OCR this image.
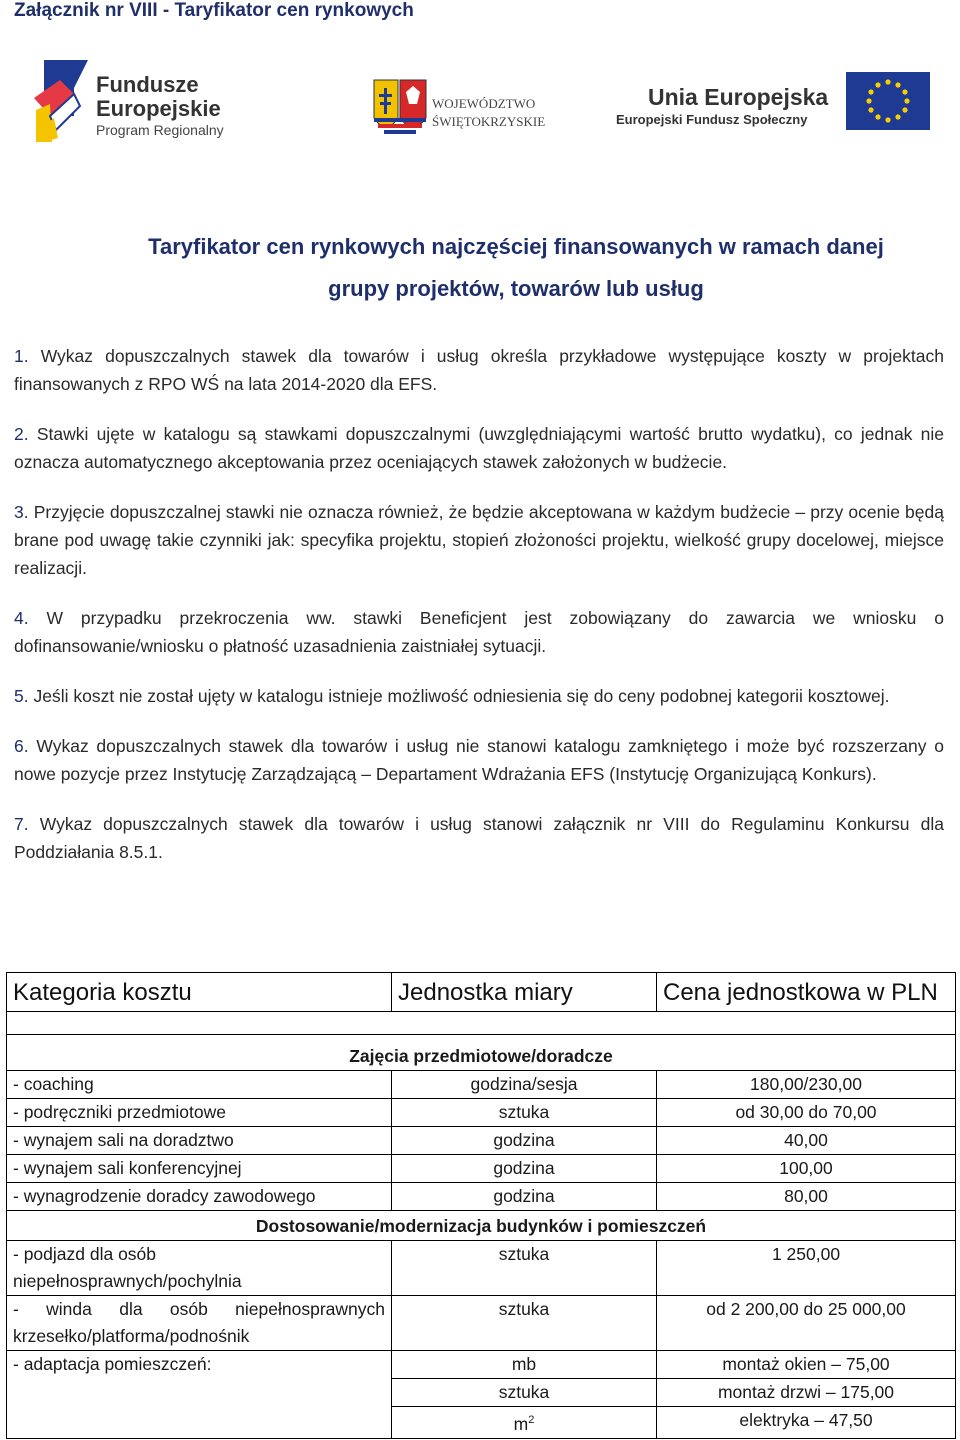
Załącznik nr VIII - Taryfikator cen rynkowych
Fundusze
Europejskie
Program Regionalny
WOJEWÓDZTWO
ŚWIĘTOKRZYSKIE
Unia Europejska
Europejski Fundusz Społeczny
Taryfikator cen rynkowych najczęściej finansowanych w ramach danej
grupy projektów, towarów lub usług

1. Wykaz dopuszczalnych stawek dla towarów i usług określa przykładowe występujące koszty w projektach finansowanych z RPO WŚ na lata 2014-2020 dla EFS.

2. Stawki ujęte w katalogu są stawkami dopuszczalnymi (uwzględniającymi wartość brutto wydatku), co jednak nie oznacza automatycznego akceptowania przez oceniających stawek założonych w budżecie.

3. Przyjęcie dopuszczalnej stawki nie oznacza również, że będzie akceptowana w każdym budżecie – przy ocenie będą brane pod uwagę takie czynniki jak: specyfika projektu, stopień złożoności projektu, wielkość grupy docelowej, miejsce realizacji.

4. W przypadku przekroczenia ww. stawki Beneficjent jest zobowiązany do zawarcia we wniosku o dofinansowanie/wniosku o płatność uzasadnienia zaistniałej sytuacji.

5. Jeśli koszt nie został ujęty w katalogu istnieje możliwość odniesienia się do ceny podobnej kategorii kosztowej.

6. Wykaz dopuszczalnych stawek dla towarów i usług nie stanowi katalogu zamkniętego i może być rozszerzany o nowe pozycje przez Instytucję Zarządzającą – Departament Wdrażania EFS (Instytucję Organizującą Konkurs).

7. Wykaz dopuszczalnych stawek dla towarów i usług stanowi załącznik nr VIII do Regulaminu Konkursu dla Poddziałania 8.5.1.

Kategoria kosztu	Jednostka miary	Cena jednostkowa w PLN

Zajęcia przedmiotowe/doradcze		
- coaching	godzina/sesja	180,00/230,00
- podręczniki przedmiotowe	sztuka	od 30,00 do 70,00
- wynajem sali na doradztwo	godzina	40,00
- wynajem sali konferencyjnej	godzina	100,00
- wynagrodzenie doradcy zawodowego	godzina	80,00
Dostosowanie/modernizacja budynków i pomieszczeń		
- podjazd dla osób niepełnosprawnych/pochylnia	sztuka	1 250,00
- winda dla osób niepełnosprawnych krzesełko/platforma/podnośnik	sztuka	od 2 200,00 do 25 000,00
- adaptacja pomieszczeń:	mb	montaż okien – 75,00
	sztuka	montaż drzwi – 175,00
	$m^2$	elektryka – 47,50
